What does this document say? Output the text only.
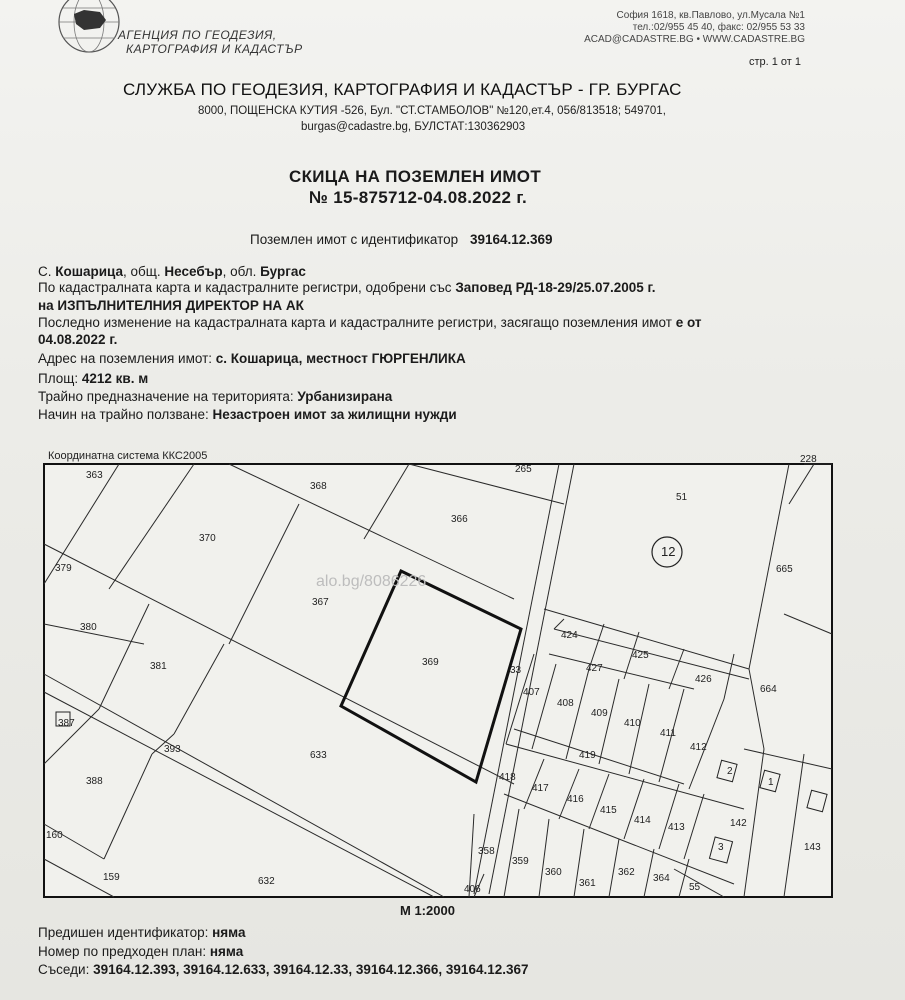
АГЕНЦИЯ ПО ГЕОДЕЗИЯ,
КАРТОГРАФИЯ И КАДАСТЪР
София 1618, кв.Павлово, ул.Мусала №1
тел.:02/955 45 40, факс: 02/955 53 33
ACAD@CADASTRE.BG • WWW.CADASTRE.BG
стр. 1 от 1
СЛУЖБА ПО ГЕОДЕЗИЯ, КАРТОГРАФИЯ И КАДАСТЪР - ГР. БУРГАС
8000, ПОЩЕНСКА КУТИЯ -526, Бул. "СТ.СТАМБОЛОВ" №120,ет.4, 056/813518; 549701,
burgas@cadastre.bg, БУЛСТАТ:130362903
СКИЦА НА ПОЗЕМЛЕН ИМОТ
№ 15-875712-04.08.2022 г.
Поземлен имот с идентификатор 39164.12.369
С. Кошарица, общ. Несебър, обл. Бургас
По кадастралната карта и кадастралните регистри, одобрени със Заповед РД-18-29/25.07.2005 г.
на ИЗПЪЛНИТЕЛНИЯ ДИРЕКТОР НА АК
Последно изменение на кадастралната карта и кадастралните регистри, засягащо поземления имот е от
04.08.2022 г.
Адрес на поземления имот: с. Кошарица, местност ГЮРГЕНЛИКА
Площ: 4212 кв. м
Трайно предназначение на територията: Урбанизирана
Начин на трайно ползване: Незастроен имот за жилищни нужди
Координатна система ККС2005
alo.bg/8086226
363
368
265
51
228
370
366
12
379
367
665
380
424
425
381	369
427
33
426
407
408
409
410
387
411
664
412
393
419
633
2
388	418
417
416
415
1
414
413	142
160
358
359
360
361
362
364
3	143
159	632
406	55
М 1:2000
Предишен идентификатор: няма
Номер по предходен план: няма
Съседи: 39164.12.393, 39164.12.633, 39164.12.33, 39164.12.366, 39164.12.367
